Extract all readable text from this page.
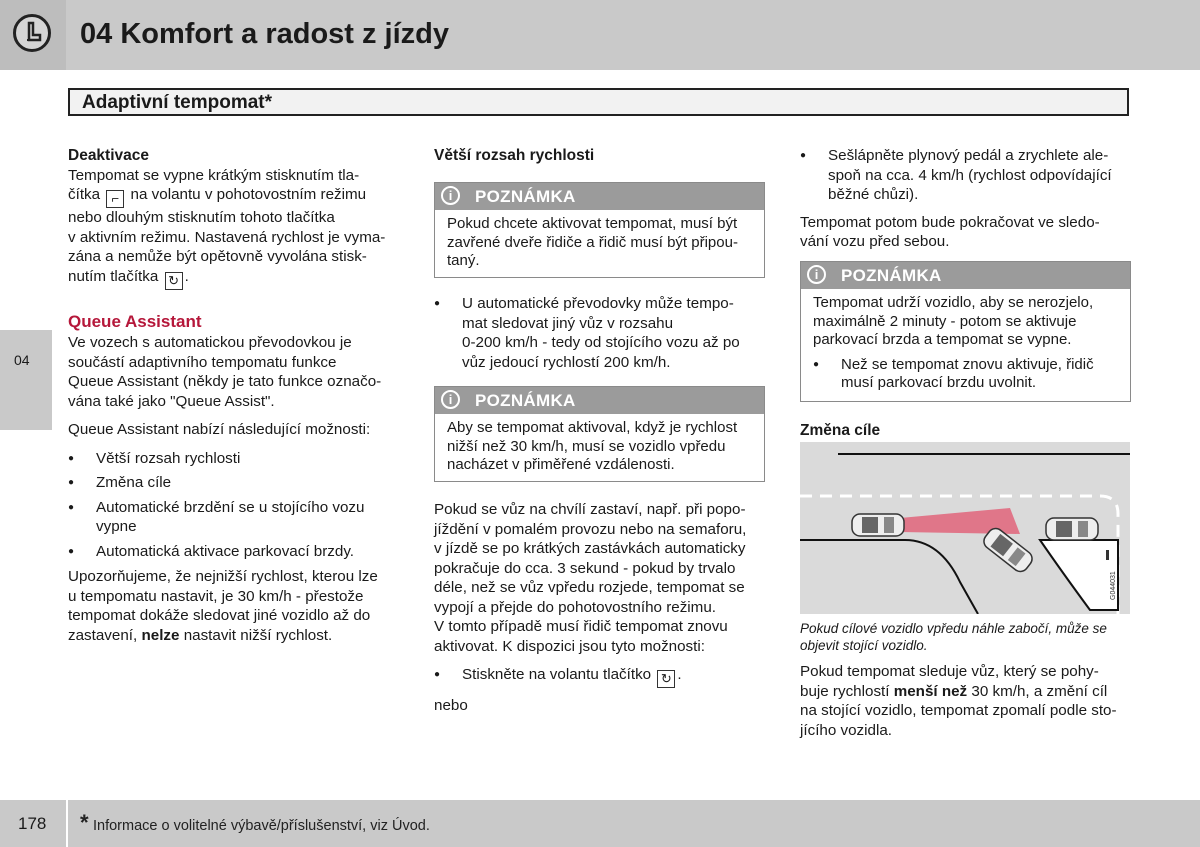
04 Komfort a radost z jízdy
Adaptivní tempomat*
04

Deaktivace

Tempomat se vypne krátkým stisknutím tla-

čítka ⌐ na volantu v pohotovostním režimu

nebo dlouhým stisknutím tohoto tlačítka

v aktivním režimu. Nastavená rychlost je vyma-

zána a nemůže být opětovně vyvolána stisk-

nutím tlačítka ↻ .

Queue Assistant

Ve vozech s automatickou převodovkou je

součástí adaptivního tempomatu funkce

Queue Assistant (někdy je tato funkce označo-

vána také jako "Queue Assist".

Queue Assistant nabízí následující možnosti:

● Větší rozsah rychlosti

● Změna cíle

● Automatické brzdění se u stojícího vozu

vypne

● Automatická aktivace parkovací brzdy.

Upozorňujeme, že nejnižší rychlost, kterou lze

u tempomatu nastavit, je 30 km/h - přestože

tempomat dokáže sledovat jiné vozidlo až do

zastavení, nelze nastavit nižší rychlost.

Větší rozsah rychlosti

i	POZNÁMKA
Pokud chcete aktivovat tempomat, musí být
zavřené dveře řidiče a řidič musí být připou-
taný.

● U automatické převodovky může tempo-

mat sledovat jiný vůz v rozsahu

0-200 km/h - tedy od stojícího vozu až po

vůz jedoucí rychlostí 200 km/h.

i	POZNÁMKA
Aby se tempomat aktivoval, když je rychlost
nižší než 30 km/h, musí se vozidlo vpředu
nacházet v přiměřené vzdálenosti.

Pokud se vůz na chvílí zastaví, např. při popo-

jíždění v pomalém provozu nebo na semaforu,

v jízdě se po krátkých zastávkách automaticky

pokračuje do cca. 3 sekund - pokud by trvalo

déle, než se vůz vpředu rozjede, tempomat se

vypojí a přejde do pohotovostního režimu.

V tomto případě musí řidič tempomat znovu

aktivovat. K dispozici jsou tyto možnosti:

● Stiskněte na volantu tlačítko ↻ .

nebo

● Sešlápněte plynový pedál a zrychlete ale-

spoň na cca. 4 km/h (rychlost odpovídající

běžné chůzi).

Tempomat potom bude pokračovat ve sledo-

vání vozu před sebou.

i	POZNÁMKA
Tempomat udrží vozidlo, aby se nerozjelo,
maximálně 2 minuty - potom se aktivuje
parkovací brzda a tempomat se vypne.
● Než se tempomat znovu aktivuje, řidič
musí parkovací brzdu uvolnit.

Změna cíle

G044031
Pokud cílové vozidlo vpředu náhle zabočí, může se
objevit stojící vozidlo.

Pokud tempomat sleduje vůz, který se pohy-

buje rychlostí menší než 30 km/h, a změní cíl

na stojící vozidlo, tempomat zpomalí podle sto-

jícího vozidla.

178 * Informace o volitelné výbavě/příslušenství, viz Úvod.
